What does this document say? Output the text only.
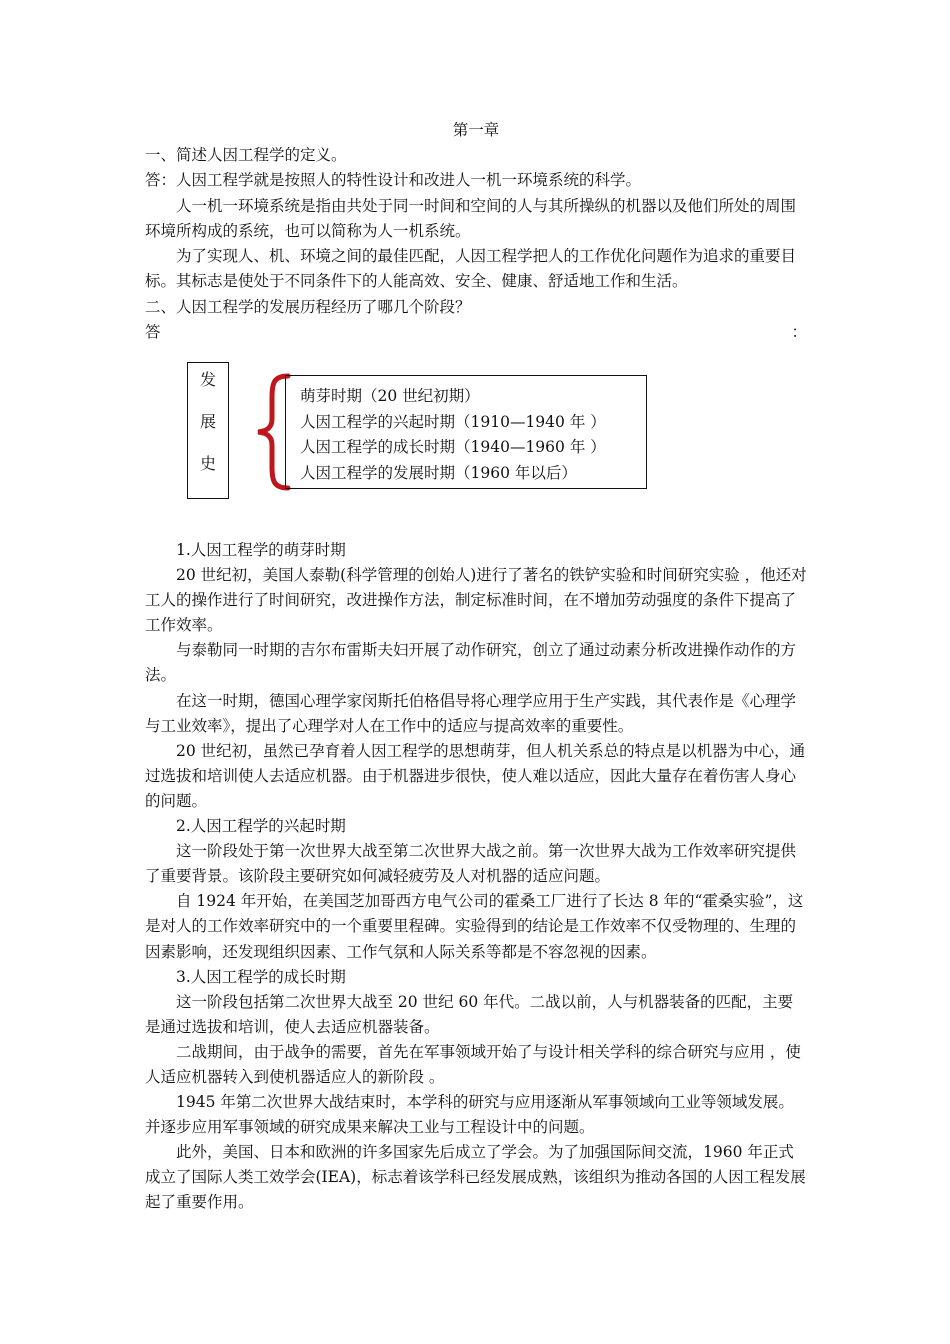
第一章

一、简述人因工程学的定义。

答：人因工程学就是按照人的特性设计和改进人一机一环境系统的科学。

人一机一环境系统是指由共处于同一时间和空间的人与其所操纵的机器以及他们所处的周围环境所构成的系统，也可以简称为人一机系统。

为了实现人、机、环境之间的最佳匹配，人因工程学把人的工作优化问题作为追求的重要目标。其标志是使处于不同条件下的人能高效、安全、健康、舒适地工作和生活。

二、人因工程学的发展历程经历了哪几个阶段？

答	：
发
展
史
萌芽时期（20 世纪初期）
人因工程学的兴起时期（1910—1940 年 ）
人因工程学的成长时期（1940—1960 年 ）
人因工程学的发展时期（1960 年以后）

1.人因工程学的萌芽时期

20 世纪初，美国人泰勒(科学管理的创始人)进行了著名的铁铲实验和时间研究实验 ，他还对工人的操作进行了时间研究，改进操作方法，制定标准时间，在不增加劳动强度的条件下提高了工作效率。

与泰勒同一时期的吉尔布雷斯夫妇开展了动作研究，创立了通过动素分析改进操作动作的方法。

在这一时期，德国心理学家闵斯托伯格倡导将心理学应用于生产实践，其代表作是《心理学与工业效率》，提出了心理学对人在工作中的适应与提高效率的重要性。

20 世纪初，虽然已孕育着人因工程学的思想萌芽，但人机关系总的特点是以机器为中心，通过选拔和培训使人去适应机器。由于机器进步很快，使人难以适应，因此大量存在着伤害人身心的问题。

2.人因工程学的兴起时期

这一阶段处于第一次世界大战至第二次世界大战之前。第一次世界大战为工作效率研究提供了重要背景。该阶段主要研究如何减轻疲劳及人对机器的适应问题。

自 1924 年开始，在美国芝加哥西方电气公司的霍桑工厂进行了长达 8 年的“霍桑实验”，这是对人的工作效率研究中的一个重要里程碑。实验得到的结论是工作效率不仅受物理的、生理的因素影响，还发现组织因素、工作气氛和人际关系等都是不容忽视的因素。

3.人因工程学的成长时期

这一阶段包括第二次世界大战至 20 世纪 60 年代。二战以前，人与机器装备的匹配，主要是通过选拔和培训，使人去适应机器装备。

二战期间，由于战争的需要，首先在军事领域开始了与设计相关学科的综合研究与应用 ，使人适应机器转入到使机器适应人的新阶段 。

1945 年第二次世界大战结束时，本学科的研究与应用逐渐从军事领域向工业等领域发展。并逐步应用军事领域的研究成果来解决工业与工程设计中的问题。

此外，美国、日本和欧洲的许多国家先后成立了学会。为了加强国际间交流，1960 年正式成立了国际人类工效学会(IEA)，标志着该学科已经发展成熟，该组织为推动各国的人因工程发展起了重要作用。
